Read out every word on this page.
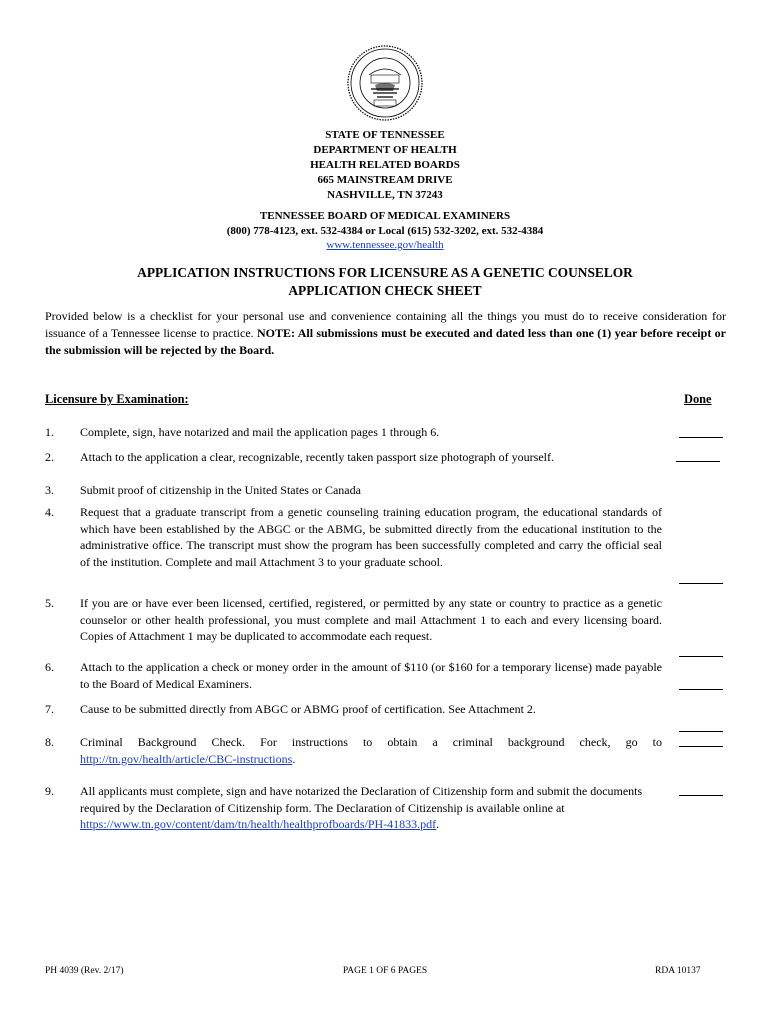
STATE OF TENNESSEE
DEPARTMENT OF HEALTH
HEALTH RELATED BOARDS
665 MAINSTREAM DRIVE
NASHVILLE, TN 37243
TENNESSEE BOARD OF MEDICAL EXAMINERS
(800) 778-4123, ext. 532-4384 or Local (615) 532-3202, ext. 532-4384
www.tennessee.gov/health
APPLICATION INSTRUCTIONS FOR LICENSURE AS A GENETIC COUNSELOR
APPLICATION CHECK SHEET
Provided below is a checklist for your personal use and convenience containing all the things you must do to receive consideration for issuance of a Tennessee license to practice. NOTE: All submissions must be executed and dated less than one (1) year before receipt or the submission will be rejected by the Board.
Licensure by Examination:	Done
1. Complete, sign, have notarized and mail the application pages 1 through 6.
2. Attach to the application a clear, recognizable, recently taken passport size photograph of yourself.
3. Submit proof of citizenship in the United States or Canada
4. Request that a graduate transcript from a genetic counseling training education program, the educational standards of which have been established by the ABGC or the ABMG, be submitted directly from the educational institution to the administrative office. The transcript must show the program has been successfully completed and carry the official seal of the institution. Complete and mail Attachment 3 to your graduate school.
5. If you are or have ever been licensed, certified, registered, or permitted by any state or country to practice as a genetic counselor or other health professional, you must complete and mail Attachment 1 to each and every licensing board. Copies of Attachment 1 may be duplicated to accommodate each request.
6. Attach to the application a check or money order in the amount of $110 (or $160 for a temporary license) made payable to the Board of Medical Examiners.
7. Cause to be submitted directly from ABGC or ABMG proof of certification. See Attachment 2.
8. Criminal Background Check. For instructions to obtain a criminal background check, go to http://tn.gov/health/article/CBC-instructions.
9. All applicants must complete, sign and have notarized the Declaration of Citizenship form and submit the documents required by the Declaration of Citizenship form. The Declaration of Citizenship is available online at https://www.tn.gov/content/dam/tn/health/healthprofboards/PH-41833.pdf.
PH 4039 (Rev. 2/17)	PAGE 1 OF 6 PAGES	RDA 10137
